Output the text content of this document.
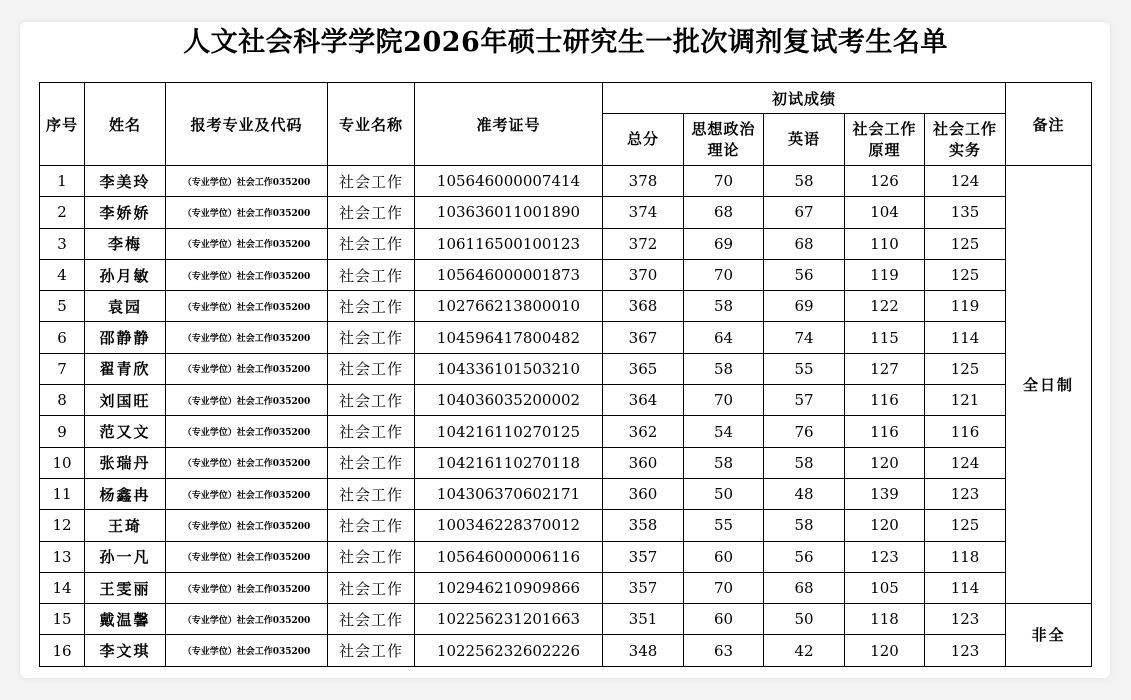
人文社会科学学院2026年硕士研究生一批次调剂复试考生名单
序号	姓名	报考专业及代码	专业名称	准考证号	初试成绩					备注
					总分	思想政治理论	英语	社会工作原理	社会工作实务	
1	李美玲	（专业学位）社会工作035200	社会工作	105646000007414	378	70	58	126	124	全日制
2	李娇娇	（专业学位）社会工作035200	社会工作	103636011001890	374	68	67	104	135	
3	李梅	（专业学位）社会工作035200	社会工作	106116500100123	372	69	68	110	125	
4	孙月敏	（专业学位）社会工作035200	社会工作	105646000001873	370	70	56	119	125	
5	袁园	（专业学位）社会工作035200	社会工作	102766213800010	368	58	69	122	119	
6	邵静静	（专业学位）社会工作035200	社会工作	104596417800482	367	64	74	115	114	
7	翟青欣	（专业学位）社会工作035200	社会工作	104336101503210	365	58	55	127	125	
8	刘国旺	（专业学位）社会工作035200	社会工作	104036035200002	364	70	57	116	121	
9	范又文	（专业学位）社会工作035200	社会工作	104216110270125	362	54	76	116	116	
10	张瑞丹	（专业学位）社会工作035200	社会工作	104216110270118	360	58	58	120	124	
11	杨鑫冉	（专业学位）社会工作035200	社会工作	104306370602171	360	50	48	139	123	
12	王琦	（专业学位）社会工作035200	社会工作	100346228370012	358	55	58	120	125	
13	孙一凡	（专业学位）社会工作035200	社会工作	105646000006116	357	60	56	123	118	
14	王雯丽	（专业学位）社会工作035200	社会工作	102946210909866	357	70	68	105	114	
15	戴温馨	（专业学位）社会工作035200	社会工作	102256231201663	351	60	50	118	123	非全
16	李文琪	（专业学位）社会工作035200	社会工作	102256232602226	348	63	42	120	123	
